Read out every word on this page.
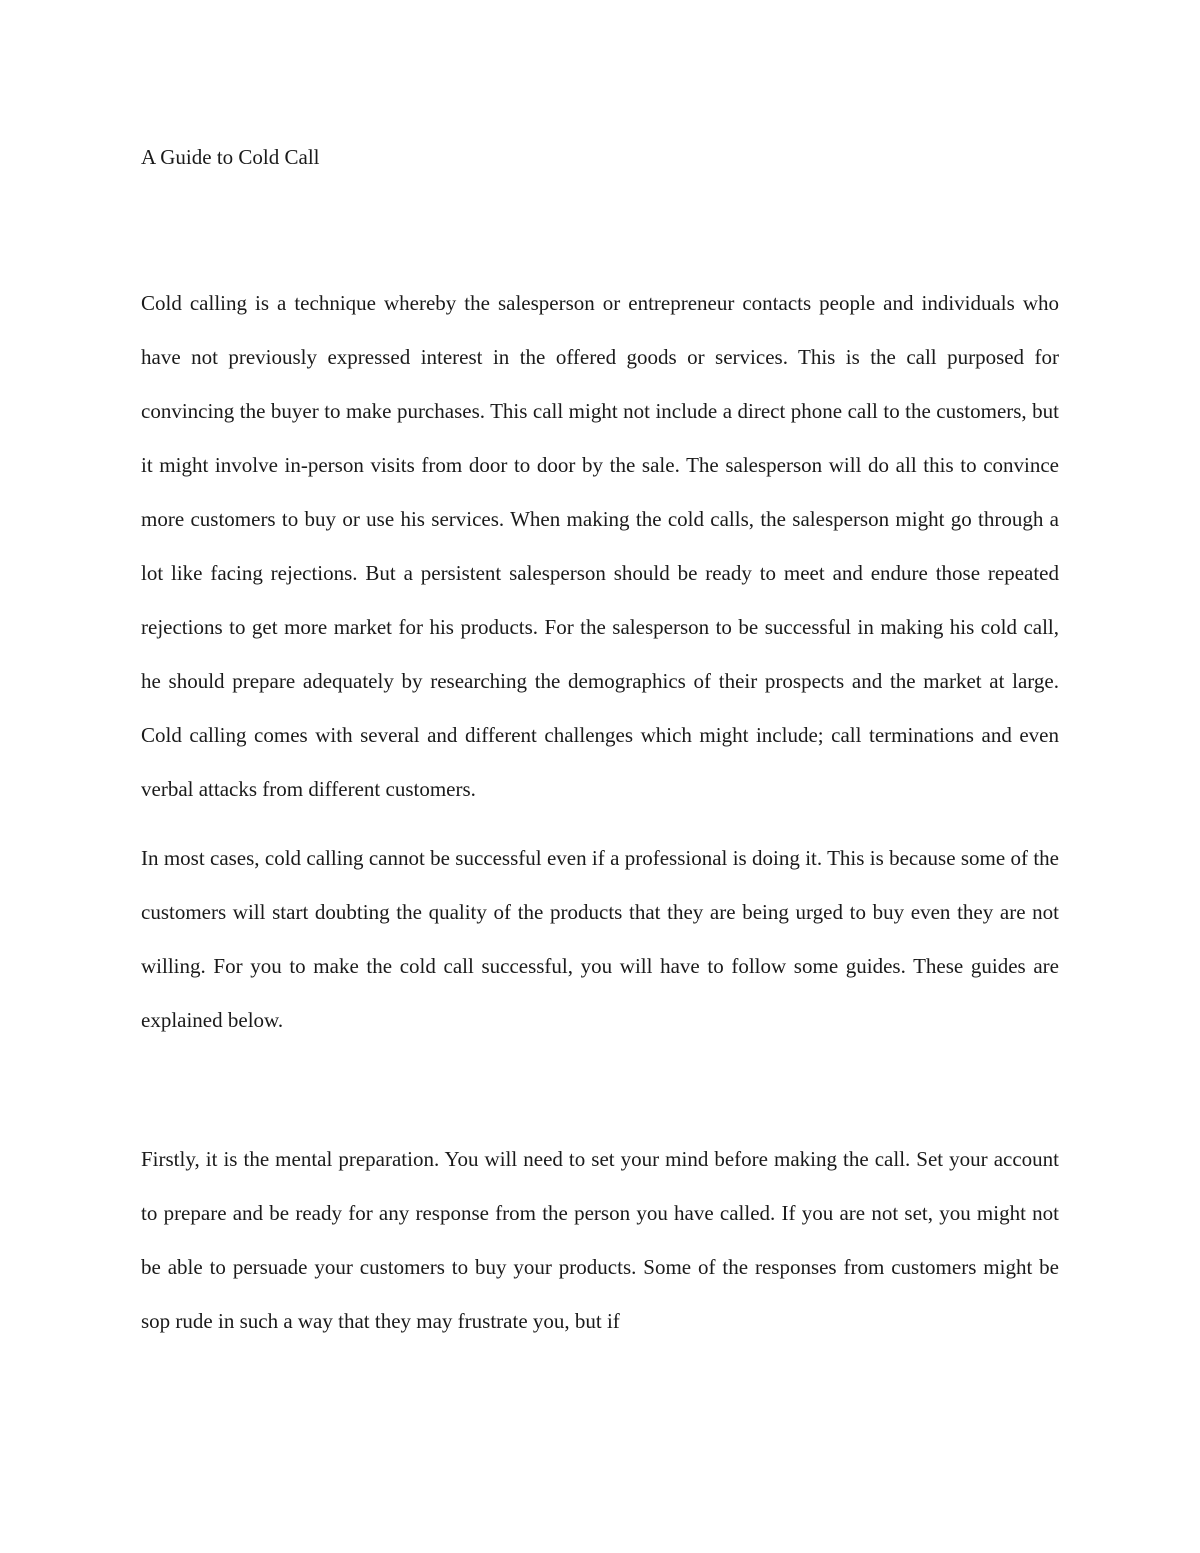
A Guide to Cold Call

Cold calling is a technique whereby the salesperson or entrepreneur contacts people and individuals who have not previously expressed interest in the offered goods or services. This is the call purposed for convincing the buyer to make purchases. This call might not include a direct phone call to the customers, but it might involve in-person visits from door to door by the sale. The salesperson will do all this to convince more customers to buy or use his services. When making the cold calls, the salesperson might go through a lot like facing rejections. But a persistent salesperson should be ready to meet and endure those repeated rejections to get more market for his products. For the salesperson to be successful in making his cold call, he should prepare adequately by researching the demographics of their prospects and the market at large. Cold calling comes with several and different challenges which might include; call terminations and even verbal attacks from different customers.

In most cases, cold calling cannot be successful even if a professional is doing it. This is because some of the customers will start doubting the quality of the products that they are being urged to buy even they are not willing. For you to make the cold call successful, you will have to follow some guides. These guides are explained below.

Firstly, it is the mental preparation. You will need to set your mind before making the call. Set your account to prepare and be ready for any response from the person you have called. If you are not set, you might not be able to persuade your customers to buy your products. Some of the responses from customers might be sop rude in such a way that they may frustrate you, but if
